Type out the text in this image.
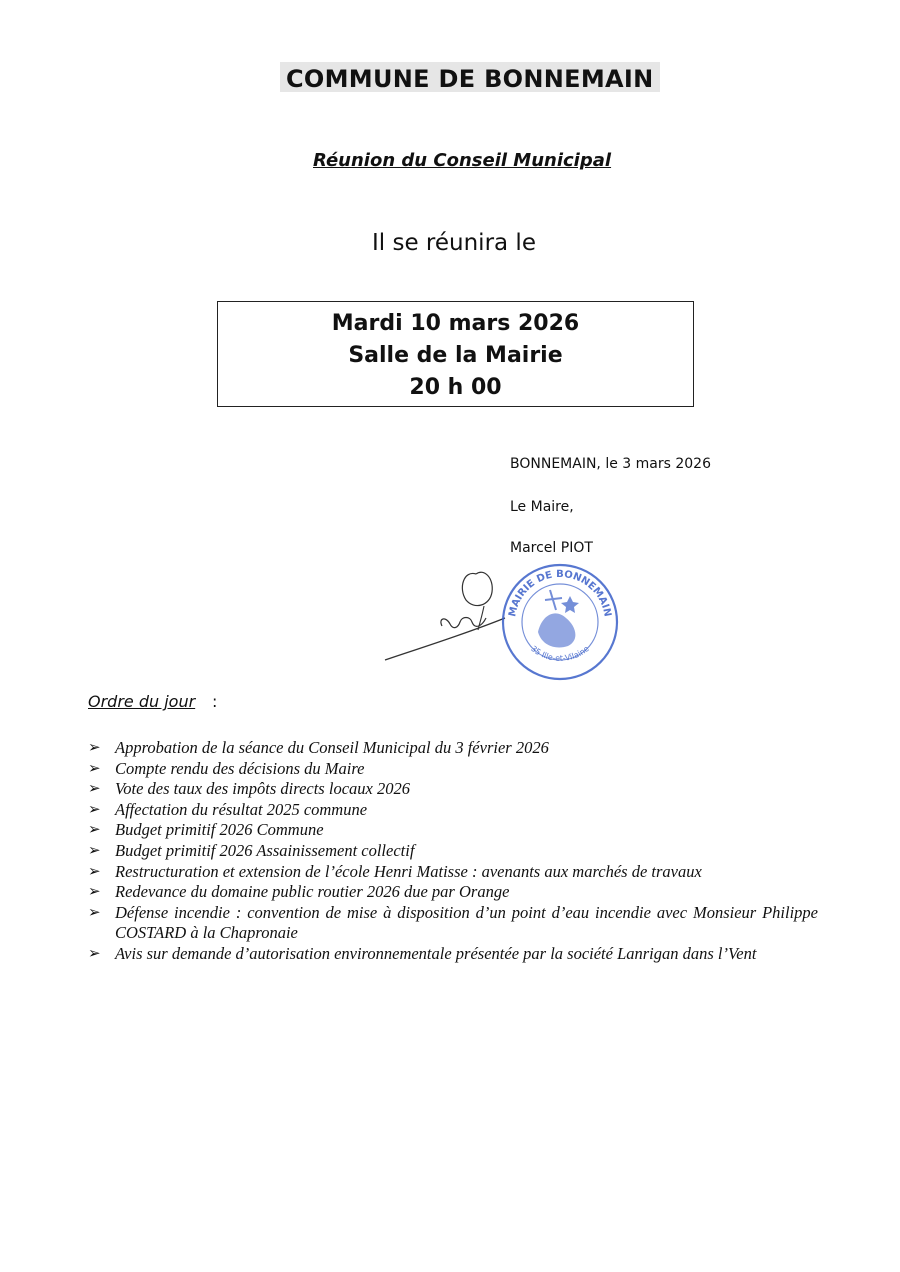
COMMUNE DE BONNEMAIN
Réunion du Conseil Municipal
Il se réunira le
Mardi 10 mars 2026
Salle de la Mairie
20 h 00
BONNEMAIN, le 3 mars 2026
Le Maire,
Marcel PIOT
MAIRIE DE BONNEMAIN
35 Ille-et-Vilaine
Ordre du jour :
➢ Approbation de la séance du Conseil Municipal du 3 février 2026
➢ Compte rendu des décisions du Maire
➢ Vote des taux des impôts directs locaux 2026
➢ Affectation du résultat 2025 commune
➢ Budget primitif 2026 Commune
➢ Budget primitif 2026 Assainissement collectif
➢ Restructuration et extension de l’école Henri Matisse : avenants aux marchés de travaux
➢ Redevance du domaine public routier 2026 due par Orange
➢ Défense incendie : convention de mise à disposition d’un point d’eau incendie avec Monsieur Philippe COSTARD à la Chapronaie
➢ Avis sur demande d’autorisation environnementale présentée par la société Lanrigan dans l’Vent
